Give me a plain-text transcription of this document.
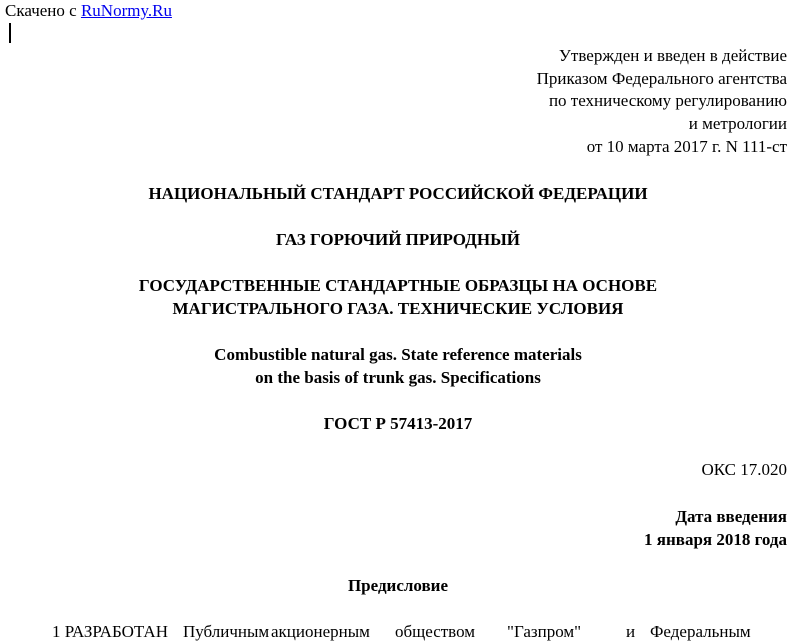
Скачено с RuNormy.Ru
Утвержден и введен в действие
Приказом Федерального агентства
по техническому регулированию
и метрологии
от 10 марта 2017 г. N 111-ст
НАЦИОНАЛЬНЫЙ СТАНДАРТ РОССИЙСКОЙ ФЕДЕРАЦИИ
ГАЗ ГОРЮЧИЙ ПРИРОДНЫЙ
ГОСУДАРСТВЕННЫЕ СТАНДАРТНЫЕ ОБРАЗЦЫ НА ОСНОВЕ
МАГИСТРАЛЬНОГО ГАЗА. ТЕХНИЧЕСКИЕ УСЛОВИЯ
Combustible natural gas. State reference materials
on the basis of trunk gas. Specifications
ГОСТ Р 57413-2017
ОКС 17.020
Дата введения
1 января 2018 года
Предисловие
1 РАЗРАБОТАН Публичным акционерным обществом "Газпром"	и Федеральным
